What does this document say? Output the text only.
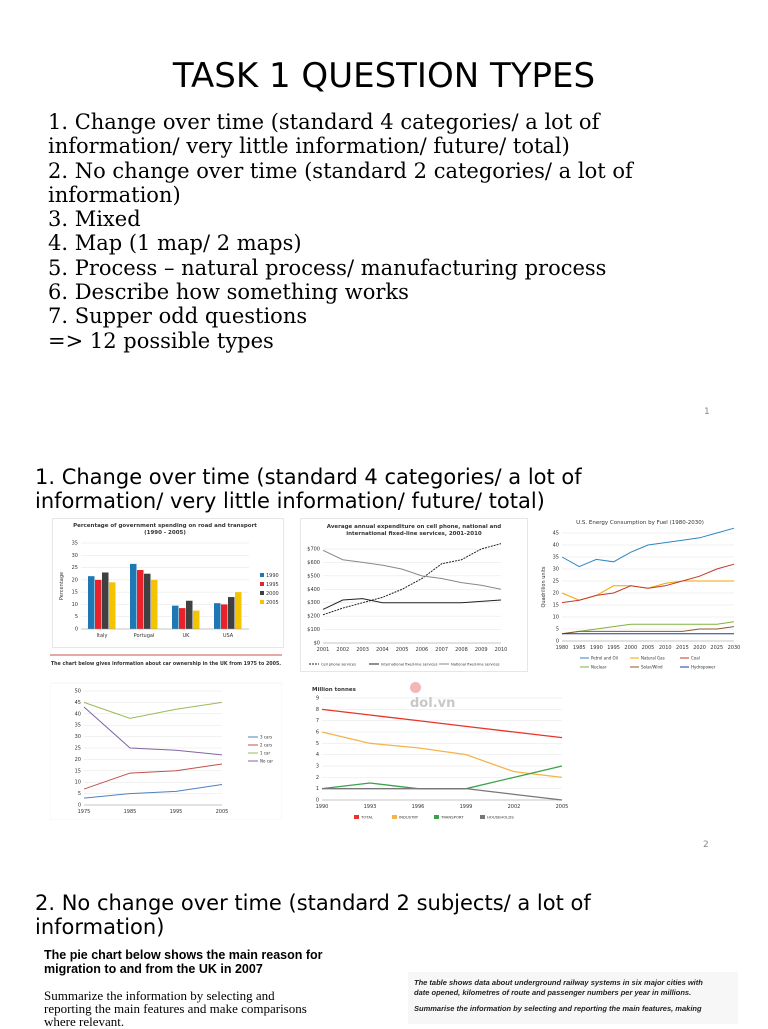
TASK 1 QUESTION TYPES
1. Change over time (standard 4 categories/ a lot of
information/ very little information/ future/ total)
2. No change over time (standard 2 categories/ a lot of
information)
3. Mixed
4. Map (1 map/ 2 maps)
5. Process – natural process/ manufacturing process
6. Describe how something works
7. Supper odd questions
=> 12 possible types
1
1. Change over time (standard 4 categories/ a lot of
information/ very little information/ future/ total)
Percentage of government spending on road and transport
(1990 - 2005)
0
5
10
15
20
25
30
35
Percentage
Italy	Portugal	UK	USA
1990
1995
2000
2005
Average annual expenditure on cell phone, national and
international fixed-line services, 2001-2010
$0
$100
$200
$300
$400
$500
$600
$700
2001 2002 2003 2004 2005 2006 2007 2008 2009 2010
Cell phone services	International fixed-line services	National fixed-line services
U.S. Energy Consumption by Fuel (1980-2030)
Quadrillion units
0
5
10
15
20
25
30
35
40
45
1980 1985 1990 1995 2000 2005 2010 2015 2020 2025 2030
Petrol and Oil	Natural Gas	Coal
Nuclear	Solar/Wind	Hydropower
The chart below gives information about car ownership in the UK from 1975 to 2005.
0
5
10
15
20
25
30
35
40
45
50
1975	1985	1995	2005
3 cars
2 cars
1 car
No car
Million tonnes
0
1
2
3
4
5
6
7
8
9
1990	1993	1996	1999	2002	2005
TOTAL	INDUSTRY	TRANSPORT	HOUSEHOLDS
dol.vn
2
2. No change over time (standard 2 subjects/ a lot of
information)
The pie chart below shows the main reason for
migration to and from the UK in 2007
Summarize the information by selecting and
reporting the main features and make comparisons
where relevant.
The table shows data about underground railway systems in six major cities with
date opened, kilometres of route and passenger numbers per year in millions.
Summarise the information by selecting and reporting the main features, making
